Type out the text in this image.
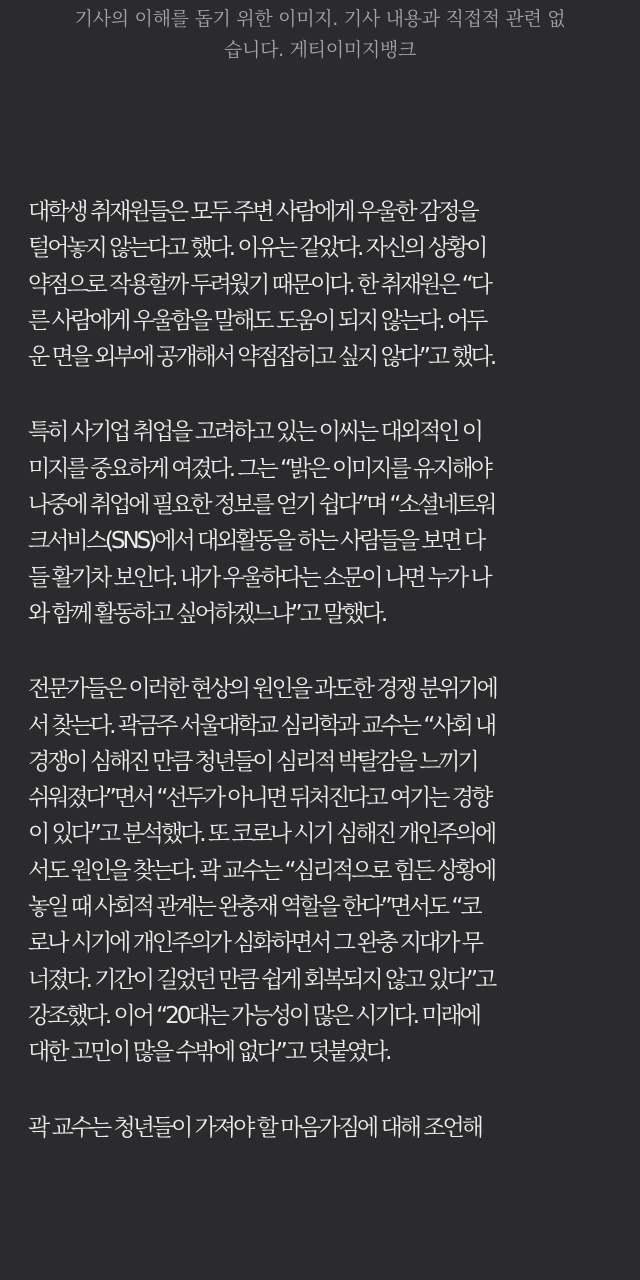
기사의 이해를 돕기 위한 이미지. 기사 내용과 직접적 관련 없
습니다. 게티이미지뱅크

대학생 취재원들은 모두 주변 사람에게 우울한 감정을
털어놓지 않는다고 했다. 이유는 같았다. 자신의 상황이
약점으로 작용할까 두려웠기 때문이다. 한 취재원은 “다
른 사람에게 우울함을 말해도 도움이 되지 않는다. 어두
운 면을 외부에 공개해서 약점잡히고 싶지 않다”고 했다.

특히 사기업 취업을 고려하고 있는 이씨는 대외적인 이
미지를 중요하게 여겼다. 그는 “밝은 이미지를 유지해야
나중에 취업에 필요한 정보를 얻기 쉽다”며 “소셜네트워
크서비스(SNS)에서 대외활동을 하는 사람들을 보면 다
들 활기차 보인다. 내가 우울하다는 소문이 나면 누가 나
와 함께 활동하고 싶어하겠느냐”고 말했다.

전문가들은 이러한 현상의 원인을 과도한 경쟁 분위기에
서 찾는다. 곽금주 서울대학교 심리학과 교수는 “사회 내
경쟁이 심해진 만큼 청년들이 심리적 박탈감을 느끼기
쉬워졌다”면서 “선두가 아니면 뒤처진다고 여기는 경향
이 있다”고 분석했다. 또 코로나 시기 심해진 개인주의에
서도 원인을 찾는다. 곽 교수는 “심리적으로 힘든 상황에
놓일 때 사회적 관계는 완충재 역할을 한다”면서도 “코
로나 시기에 개인주의가 심화하면서 그 완충 지대가 무
너졌다. 기간이 길었던 만큼 쉽게 회복되지 않고 있다”고
강조했다. 이어 “20대는 가능성이 많은 시기다. 미래에
대한 고민이 많을 수밖에 없다”고 덧붙였다.

곽 교수는 청년들이 가져야 할 마음가짐에 대해 조언해
